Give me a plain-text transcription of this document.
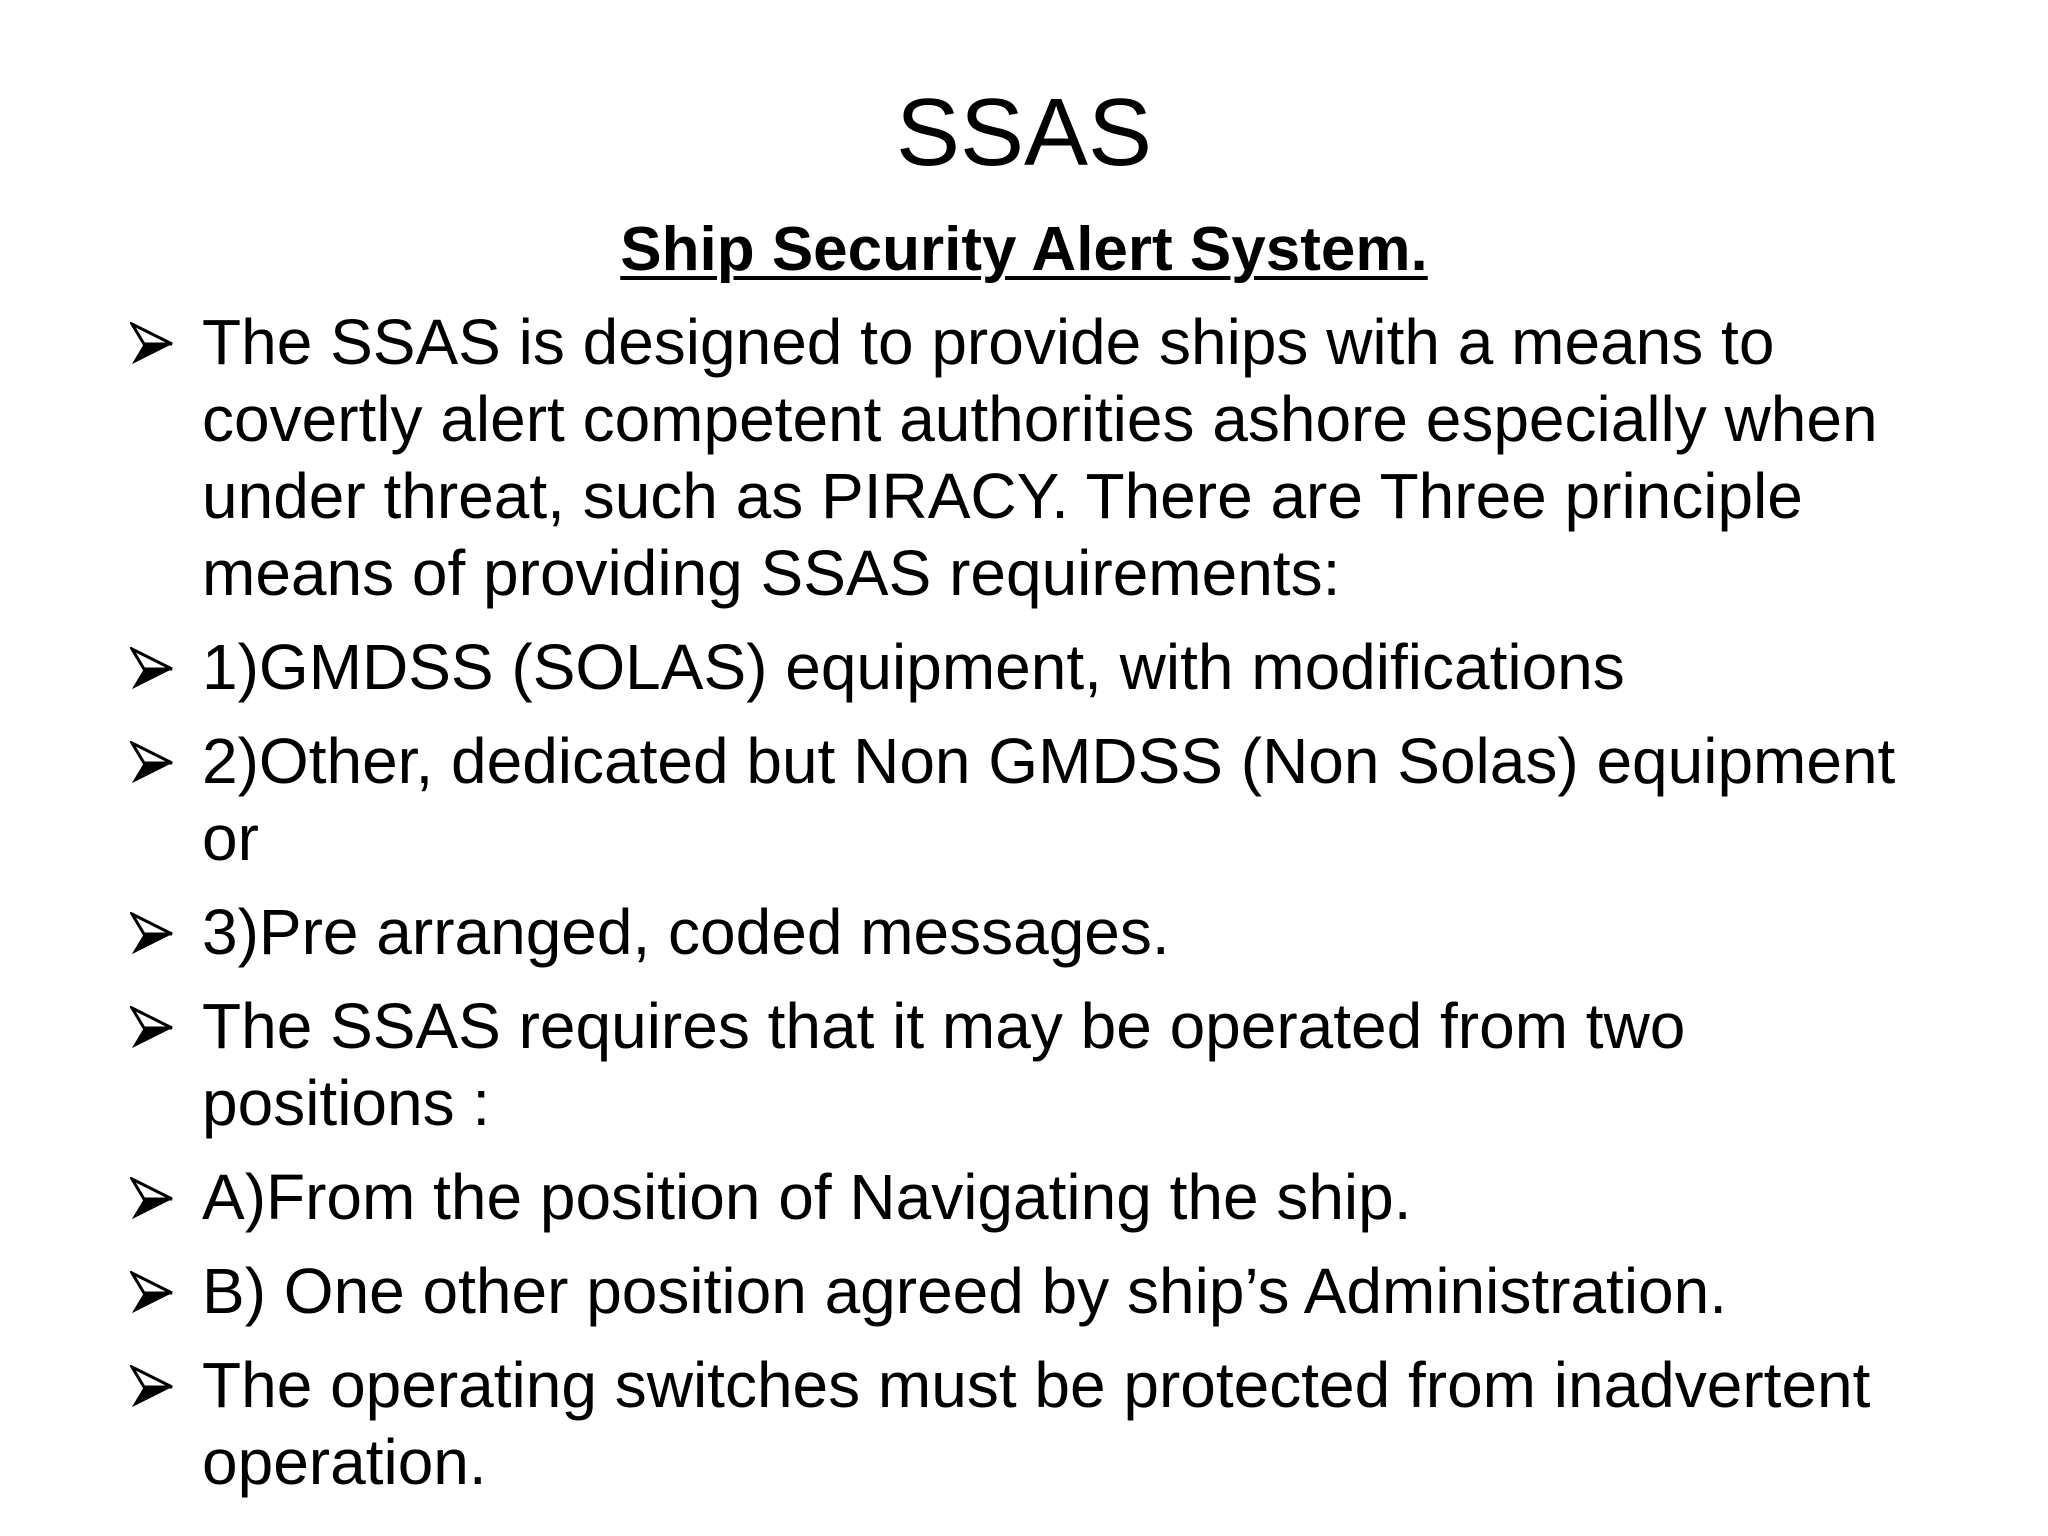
SSAS
Ship Security Alert System.
The SSAS is designed to provide ships with a means to covertly alert competent authorities ashore especially when under threat, such as PIRACY. There are Three principle means of providing SSAS requirements:
1)GMDSS (SOLAS) equipment, with modifications
2)Other, dedicated but Non GMDSS (Non Solas) equipment or
3)Pre arranged, coded messages.
The SSAS requires that it may be operated from two positions :
A)From the position of Navigating the ship.
B) One other position agreed by ship’s Administration.
The operating switches must be protected from inadvertent operation.
